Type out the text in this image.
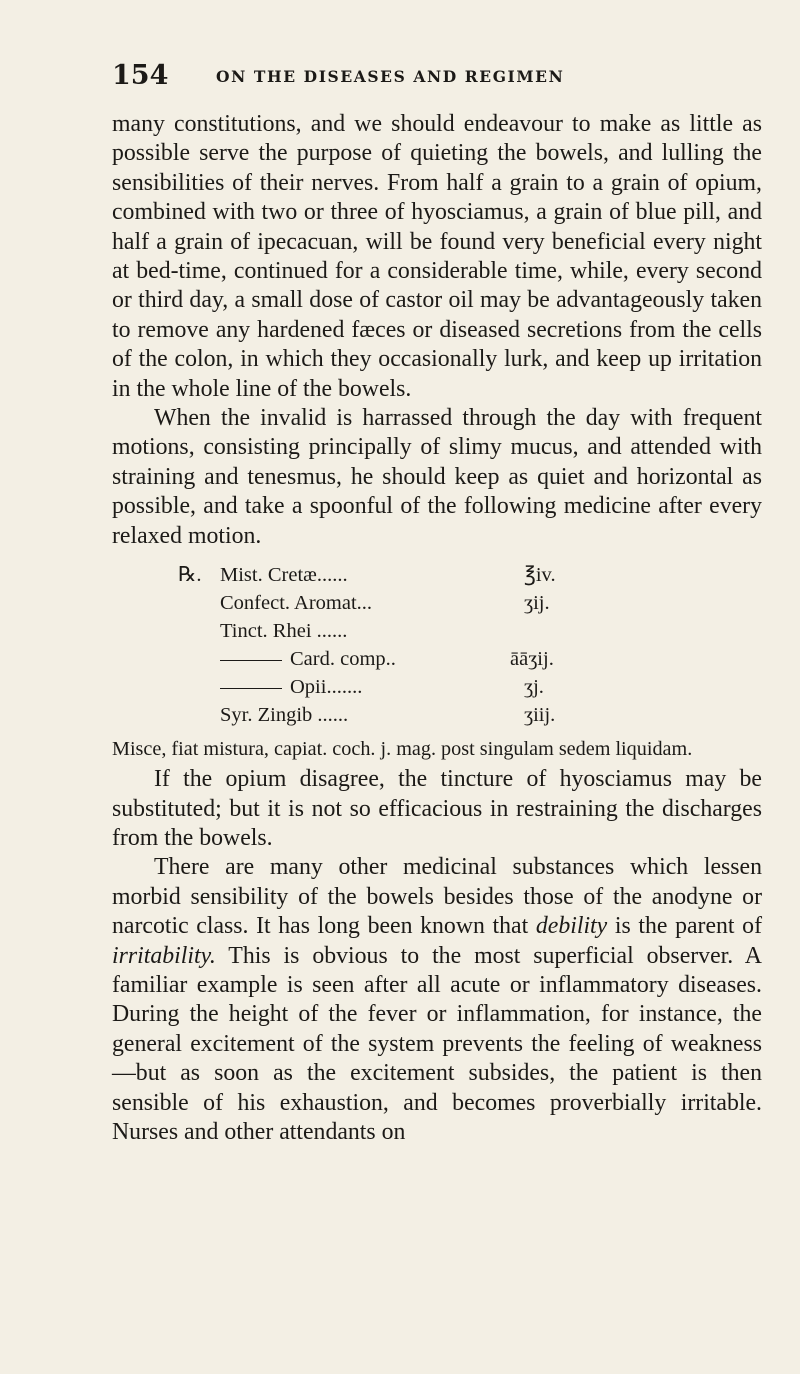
154	ON THE DISEASES AND REGIMEN

many constitutions, and we should endeavour to make as little as possible serve the purpose of quieting the bowels, and lulling the sensibilities of their nerves. From half a grain to a grain of opium, combined with two or three of hyosciamus, a grain of blue pill, and half a grain of ipecacuan, will be found very beneficial every night at bed-time, continued for a considerable time, while, every second or third day, a small dose of castor oil may be advantageously taken to remove any hardened fæces or diseased secretions from the cells of the colon, in which they occasionally lurk, and keep up irritation in the whole line of the bowels.

When the invalid is harrassed through the day with frequent motions, consisting principally of slimy mucus, and attended with straining and tenesmus, he should keep as quiet and horizontal as possible, and take a spoonful of the following medicine after every relaxed motion.

℞. Mist. Cretæ......	℥iv.
Confect. Aromat...	ʒij.
Tinct. Rhei ......
Card. comp..	āāʒij.
Opii.......	ʒj.
Syr. Zingib ......	ʒiij.

Misce, fiat mistura, capiat. coch. j. mag. post singulam sedem liquidam.

If the opium disagree, the tincture of hyosciamus may be substituted; but it is not so efficacious in restraining the discharges from the bowels.

There are many other medicinal substances which lessen morbid sensibility of the bowels besides those of the anodyne or narcotic class. It has long been known that debility is the parent of irritability. This is obvious to the most superficial observer. A familiar example is seen after all acute or inflammatory diseases. During the height of the fever or inflammation, for instance, the general excitement of the system prevents the feeling of weakness—but as soon as the excitement subsides, the patient is then sensible of his exhaustion, and becomes proverbially irritable. Nurses and other attendants on
